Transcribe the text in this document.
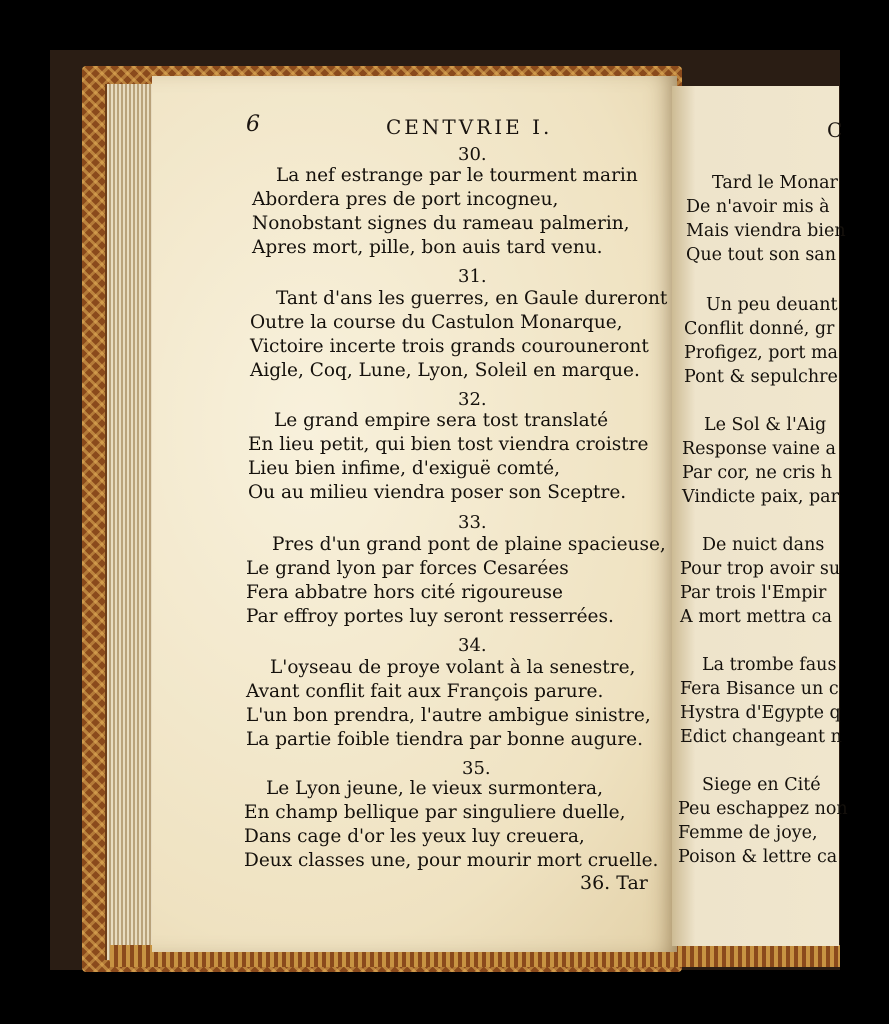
6	CENTVRIE I.
30.
La nef estrange par le tourment marin
Abordera pres de port incogneu,
Nonobstant signes du rameau palmerin,
Apres mort, pille, bon auis tard venu.
31.
Tant d'ans les guerres, en Gaule dureront
Outre la course du Castulon Monarque,
Victoire incerte trois grands courouneront
Aigle, Coq, Lune, Lyon, Soleil en marque.
32.
Le grand empire sera tost translaté
En lieu petit, qui bien tost viendra croistre
Lieu bien infime, d'exiguë comté,
Ou au milieu viendra poser son Sceptre.
33.
Pres d'un grand pont de plaine spacieuse,
Le grand lyon par forces Cesarées
Fera abbatre hors cité rigoureuse
Par effroy portes luy seront resserrées.
34.
L'oyseau de proye volant à la senestre,
Avant conflit fait aux François parure.
L'un bon prendra, l'autre ambigue sinistre,
La partie foible tiendra par bonne augure.
35.
Le Lyon jeune, le vieux surmontera,
En champ bellique par singuliere duelle,
Dans cage d'or les yeux luy creuera,
Deux classes une, pour mourir mort cruelle.
36. Tar
C
Tard le Monar
De n'avoir mis à
Mais viendra bien
Que tout son san
Un peu deuant
Conflit donné, gr
Profigez, port ma
Pont & sepulchre
Le Sol & l'Aig
Response vaine a
Par cor, ne cris h
Vindicte paix, par
De nuict dans
Pour trop avoir su
Par trois l'Empir
A mort mettra ca
La trombe faus
Fera Bisance un c
Hystra d'Egypte q
Edict changeant n
Siege en Cité
Peu eschappez non
Femme de joye,
Poison & lettre ca
